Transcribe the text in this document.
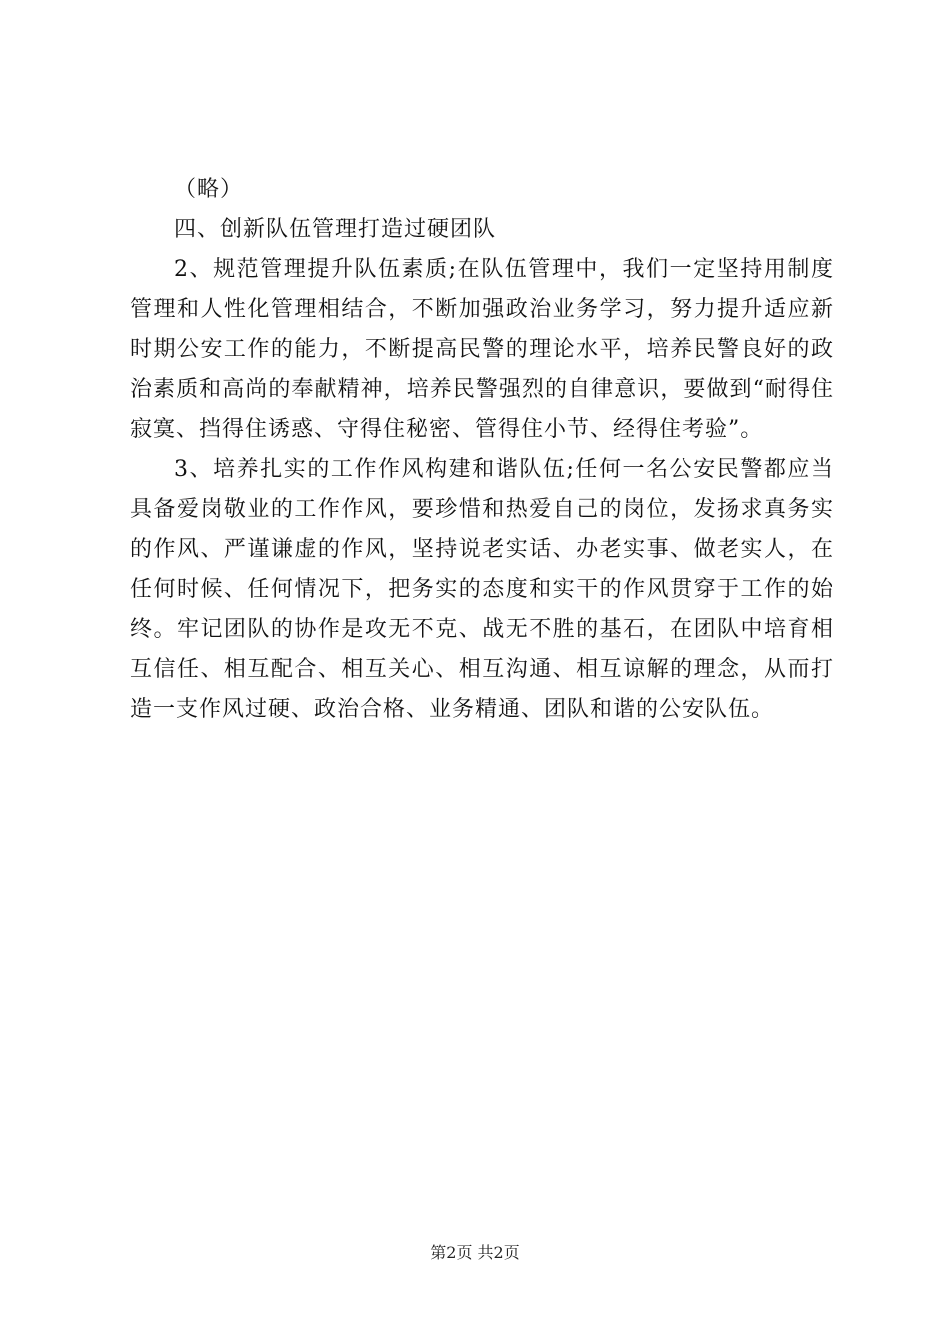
（略）

四、创新队伍管理打造过硬团队

2、规范管理提升队伍素质;在队伍管理中，我们一定坚持用制度管理和人性化管理相结合，不断加强政治业务学习，努力提升适应新时期公安工作的能力，不断提高民警的理论水平，培养民警良好的政治素质和高尚的奉献精神，培养民警强烈的自律意识，要做到“耐得住寂寞、挡得住诱惑、守得住秘密、管得住小节、经得住考验”。

3、培养扎实的工作作风构建和谐队伍;任何一名公安民警都应当具备爱岗敬业的工作作风，要珍惜和热爱自己的岗位，发扬求真务实的作风、严谨谦虚的作风，坚持说老实话、办老实事、做老实人，在任何时候、任何情况下，把务实的态度和实干的作风贯穿于工作的始终。牢记团队的协作是攻无不克、战无不胜的基石，在团队中培育相互信任、相互配合、相互关心、相互沟通、相互谅解的理念，从而打造一支作风过硬、政治合格、业务精通、团队和谐的公安队伍。

第2页 共2页
